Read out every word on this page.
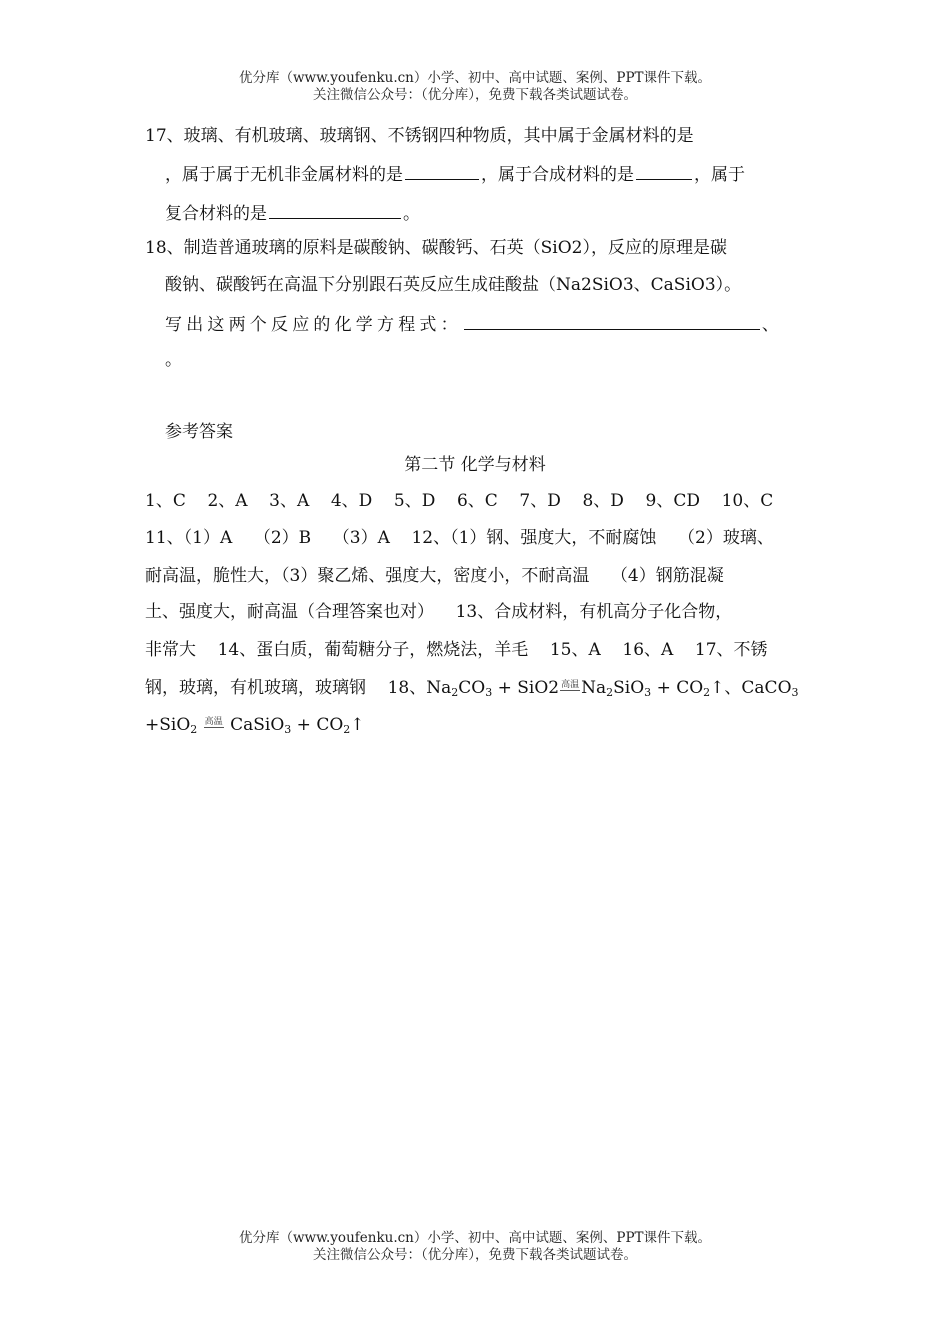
优分库（www.youfenku.cn）小学、初中、高中试题、案例、PPT课件下载。
关注微信公众号：（优分库），免费下载各类试题试卷。
17、玻璃、有机玻璃、玻璃钢、不锈钢四种物质，其中属于金属材料的是
，属于属于无机非金属材料的是	，属于合成材料的是	，属于
复合材料的是	。
18、制造普通玻璃的原料是碳酸钠、碳酸钙、石英（SiO2），反应的原理是碳
酸钠、碳酸钙在高温下分别跟石英反应生成硅酸盐（Na2SiO3、CaSiO3）。
写出这两个反应的化学方程式：	、
。
参考答案
第二节 化学与材料
1、C    2、A    3、A    4、D    5、D    6、C    7、D    8、D    9、CD    10、C
11、（1）A    （2）B    （3）A    12、（1）钢、强度大，不耐腐蚀    （2）玻璃、
耐高温，脆性大，（3）聚乙烯、强度大，密度小，不耐高温    （4）钢筋混凝
土、强度大，耐高温（合理答案也对）    13、合成材料，有机高分子化合物，
非常大    14、蛋白质，葡萄糖分子，燃烧法，羊毛    15、A    16、A    17、不锈
钢，玻璃，有机玻璃，玻璃钢    18、$Na_2CO_3 + SiO2$ 高温 $Na_2SiO_3$ + $CO_2↑$、CaCO$_3$
+SiO$_2$ 高温 CaSiO$_3$ + $CO_2↑$
优分库（www.youfenku.cn）小学、初中、高中试题、案例、PPT课件下载。
关注微信公众号：（优分库），免费下载各类试题试卷。
